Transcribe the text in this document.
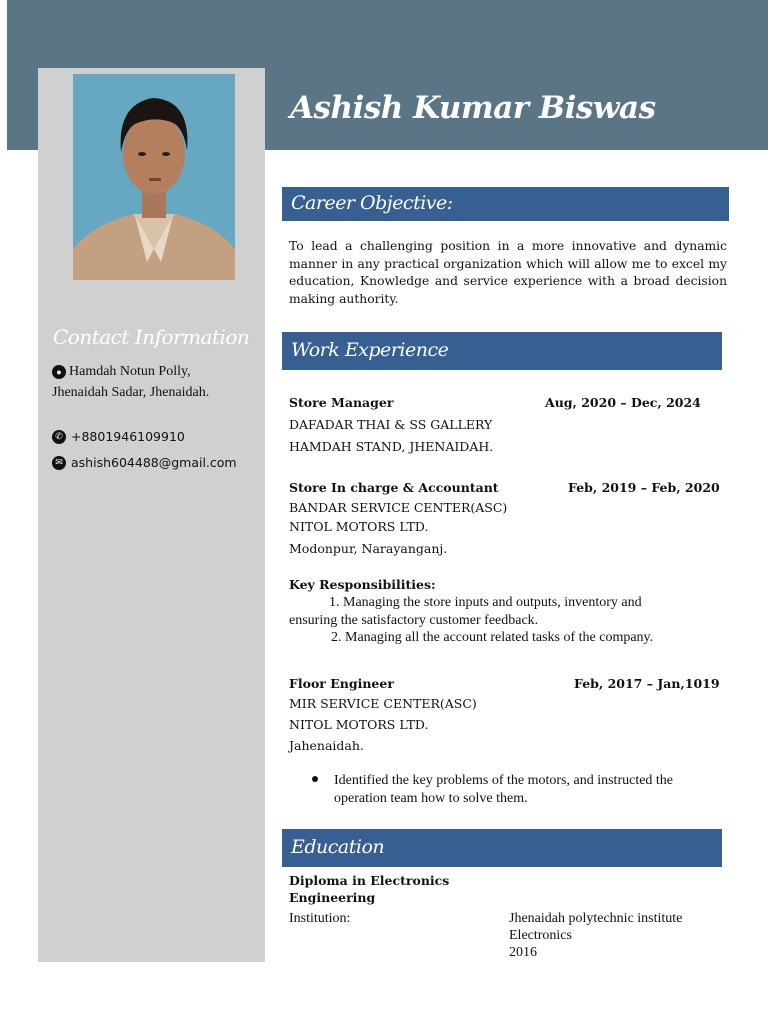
Ashish Kumar Biswas
Contact Information
● Hamdah Notun Polly,
Jhenaidah Sadar, Jhenaidah.
✆ +8801946109910
✉ ashish604488@gmail.com
Career Objective:
To lead a challenging position in a more innovative and dynamic manner in any practical organization which will allow me to excel my education, Knowledge and service experience with a broad decision making authority.
Work Experience
Store Manager	Aug, 2020 – Dec, 2024
DAFADAR THAI & SS GALLERY
HAMDAH STAND, JHENAIDAH.
Store In charge & Accountant	Feb, 2019 – Feb, 2020
BANDAR SERVICE CENTER(ASC)
NITOL MOTORS LTD.
Modonpur, Narayanganj.
Key Responsibilities:
1. Managing the store inputs and outputs, inventory and
ensuring the satisfactory customer feedback.
2. Managing all the account related tasks of the company.
Floor Engineer	Feb, 2017 – Jan,1019
MIR SERVICE CENTER(ASC)
NITOL MOTORS LTD.
Jahenaidah.
Identified the key problems of the motors, and instructed the
operation team how to solve them.
Education
Diploma in Electronics
Engineering
Institution:	Jhenaidah polytechnic institute
Electronics
2016
